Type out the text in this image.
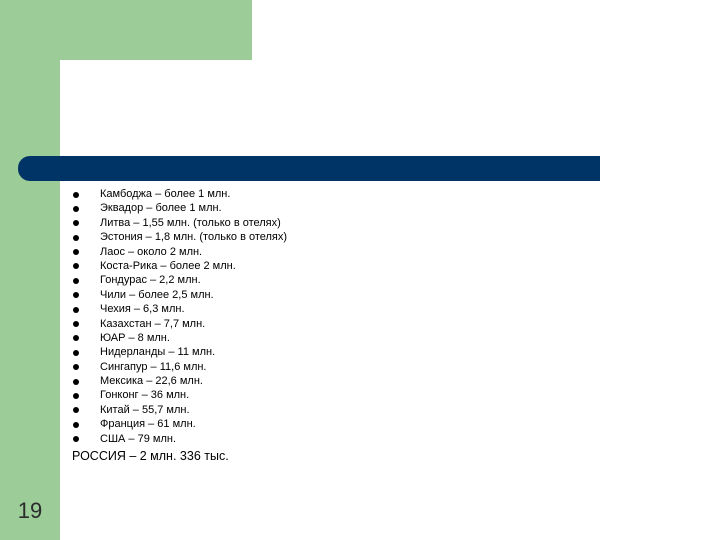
Камбоджа – более 1 млн.
Эквадор – более 1 млн.
Литва – 1,55 млн. (только в отелях)
Эстония – 1,8 млн. (только в отелях)
Лаос – около 2 млн.
Коста-Рика – более 2 млн.
Гондурас – 2,2 млн.
Чили – более 2,5 млн.
Чехия – 6,3 млн.
Казахстан – 7,7 млн.
ЮАР – 8 млн.
Нидерланды – 11 млн.
Сингапур – 11,6 млн.
Мексика – 22,6 млн.
Гонконг – 36 млн.
Китай – 55,7 млн.
Франция – 61 млн.
США – 79 млн.
РОССИЯ – 2 млн. 336 тыс.
19
